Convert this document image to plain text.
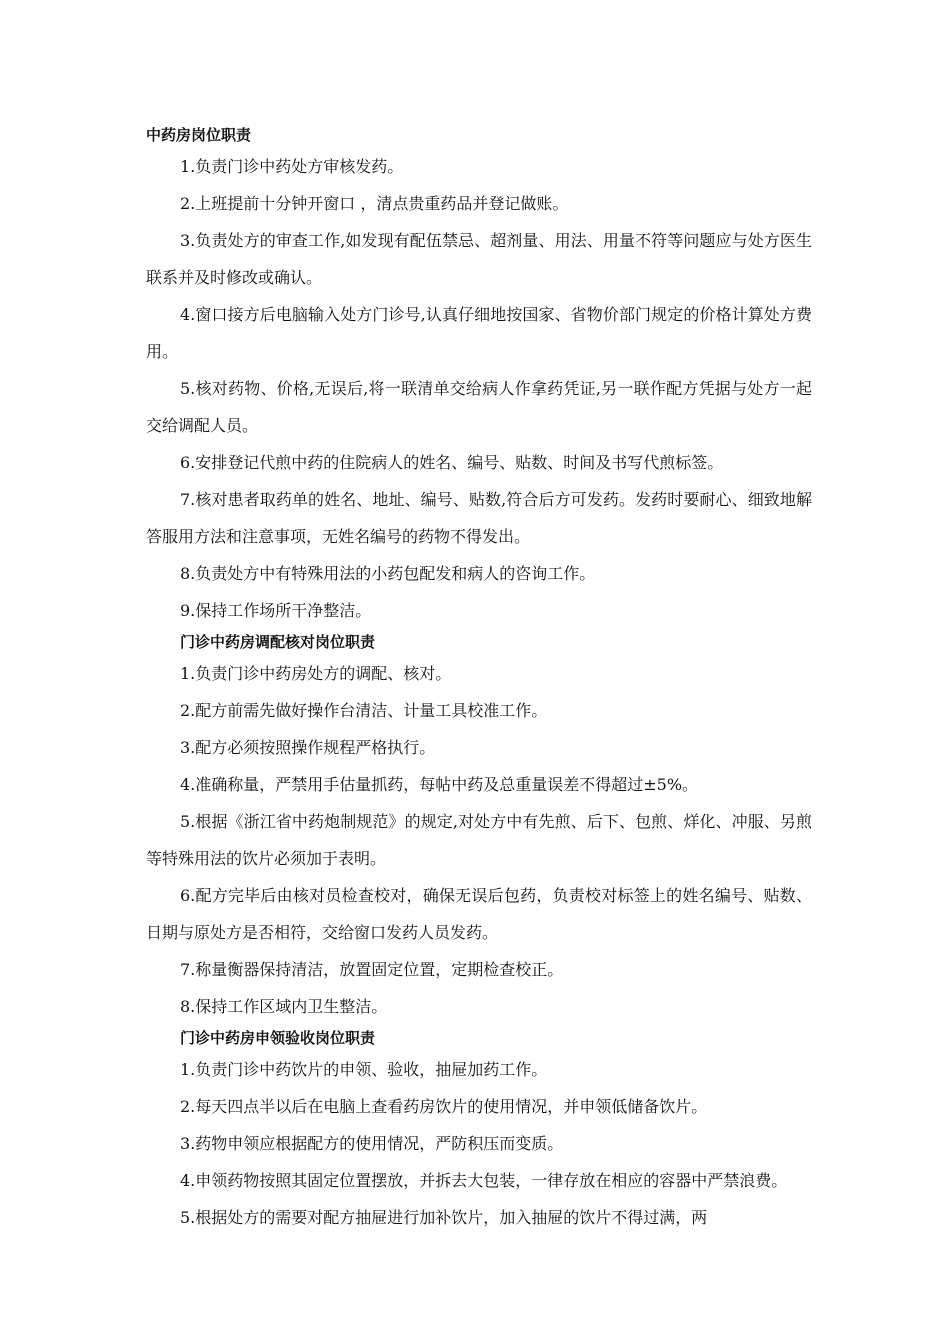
中药房岗位职责

1.负责门诊中药处方审核发药。

2.上班提前十分钟开窗口 ，清点贵重药品并登记做账。

3.负责处方的审查工作,如发现有配伍禁忌、超剂量、用法、用量不符等问题应与处方医生联系并及时修改或确认。

4.窗口接方后电脑输入处方门诊号,认真仔细地按国家、省物价部门规定的价格计算处方费用。

5.核对药物、价格,无误后,将一联清单交给病人作拿药凭证,另一联作配方凭据与处方一起交给调配人员。

6.安排登记代煎中药的住院病人的姓名、编号、贴数、时间及书写代煎标签。

7.核对患者取药单的姓名、地址、编号、贴数,符合后方可发药。发药时要耐心、细致地解答服用方法和注意事项，无姓名编号的药物不得发出。

8.负责处方中有特殊用法的小药包配发和病人的咨询工作。

9.保持工作场所干净整洁。

门诊中药房调配核对岗位职责

1.负责门诊中药房处方的调配、核对。

2.配方前需先做好操作台清洁、计量工具校准工作。

3.配方必须按照操作规程严格执行。

4.准确称量，严禁用手估量抓药，每帖中药及总重量误差不得超过±5%。

5.根据《浙江省中药炮制规范》的规定,对处方中有先煎、后下、包煎、烊化、冲服、另煎等特殊用法的饮片必须加于表明。

6.配方完毕后由核对员检查校对，确保无误后包药，负责校对标签上的姓名编号、贴数、日期与原处方是否相符，交给窗口发药人员发药。

7.称量衡器保持清洁，放置固定位置，定期检查校正。

8.保持工作区域内卫生整洁。

门诊中药房申领验收岗位职责

1.负责门诊中药饮片的申领、验收，抽屉加药工作。

2.每天四点半以后在电脑上查看药房饮片的使用情况，并申领低储备饮片。

3.药物申领应根据配方的使用情况，严防积压而变质。

4.申领药物按照其固定位置摆放，并拆去大包装，一律存放在相应的容器中严禁浪费。

5.根据处方的需要对配方抽屉进行加补饮片，加入抽屉的饮片不得过满，两
